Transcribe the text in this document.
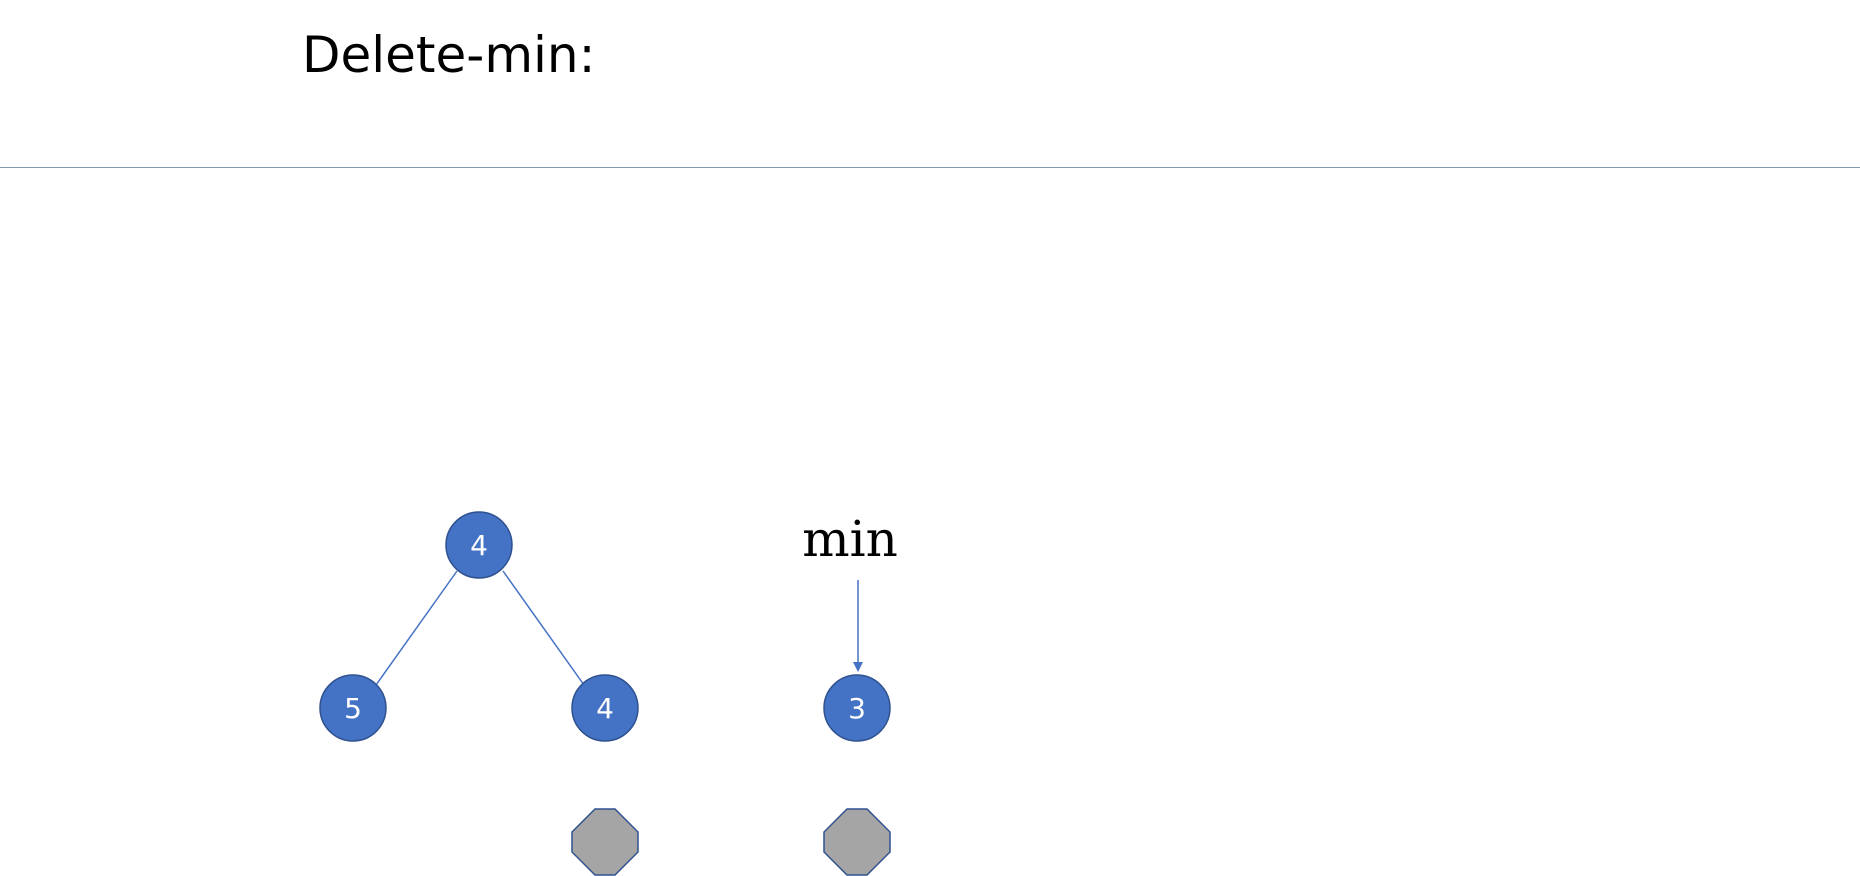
Delete-min:
min
4
5	4	3
